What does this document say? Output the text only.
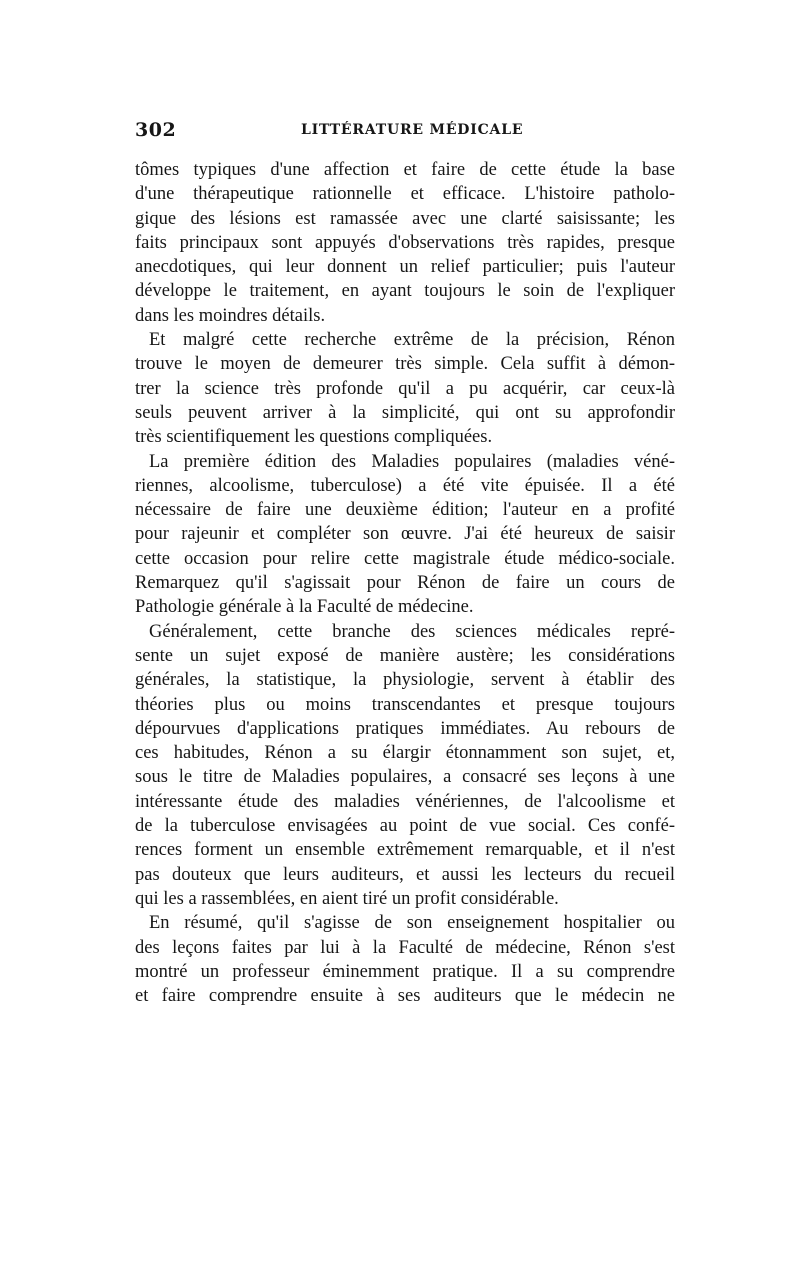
302	LITTÉRATURE MÉDICALE
tômes typiques d'une affection et faire de cette étude la base
d'une thérapeutique rationnelle et efficace. L'histoire patholo-
gique des lésions est ramassée avec une clarté saisissante; les
faits principaux sont appuyés d'observations très rapides, presque
anecdotiques, qui leur donnent un relief particulier; puis l'auteur
développe le traitement, en ayant toujours le soin de l'expliquer
dans les moindres détails.
Et malgré cette recherche extrême de la précision, Rénon
trouve le moyen de demeurer très simple. Cela suffit à démon-
trer la science très profonde qu'il a pu acquérir, car ceux-là
seuls peuvent arriver à la simplicité, qui ont su approfondir
très scientifiquement les questions compliquées.
La première édition des Maladies populaires (maladies véné-
riennes, alcoolisme, tuberculose) a été vite épuisée. Il a été
nécessaire de faire une deuxième édition; l'auteur en a profité
pour rajeunir et compléter son œuvre. J'ai été heureux de saisir
cette occasion pour relire cette magistrale étude médico-sociale.
Remarquez qu'il s'agissait pour Rénon de faire un cours de
Pathologie générale à la Faculté de médecine.
Généralement, cette branche des sciences médicales repré-
sente un sujet exposé de manière austère; les considérations
générales, la statistique, la physiologie, servent à établir des
théories plus ou moins transcendantes et presque toujours
dépourvues d'applications pratiques immédiates. Au rebours de
ces habitudes, Rénon a su élargir étonnamment son sujet, et,
sous le titre de Maladies populaires, a consacré ses leçons à une
intéressante étude des maladies vénériennes, de l'alcoolisme et
de la tuberculose envisagées au point de vue social. Ces confé-
rences forment un ensemble extrêmement remarquable, et il n'est
pas douteux que leurs auditeurs, et aussi les lecteurs du recueil
qui les a rassemblées, en aient tiré un profit considérable.
En résumé, qu'il s'agisse de son enseignement hospitalier ou
des leçons faites par lui à la Faculté de médecine, Rénon s'est
montré un professeur éminemment pratique. Il a su comprendre
et faire comprendre ensuite à ses auditeurs que le médecin ne
